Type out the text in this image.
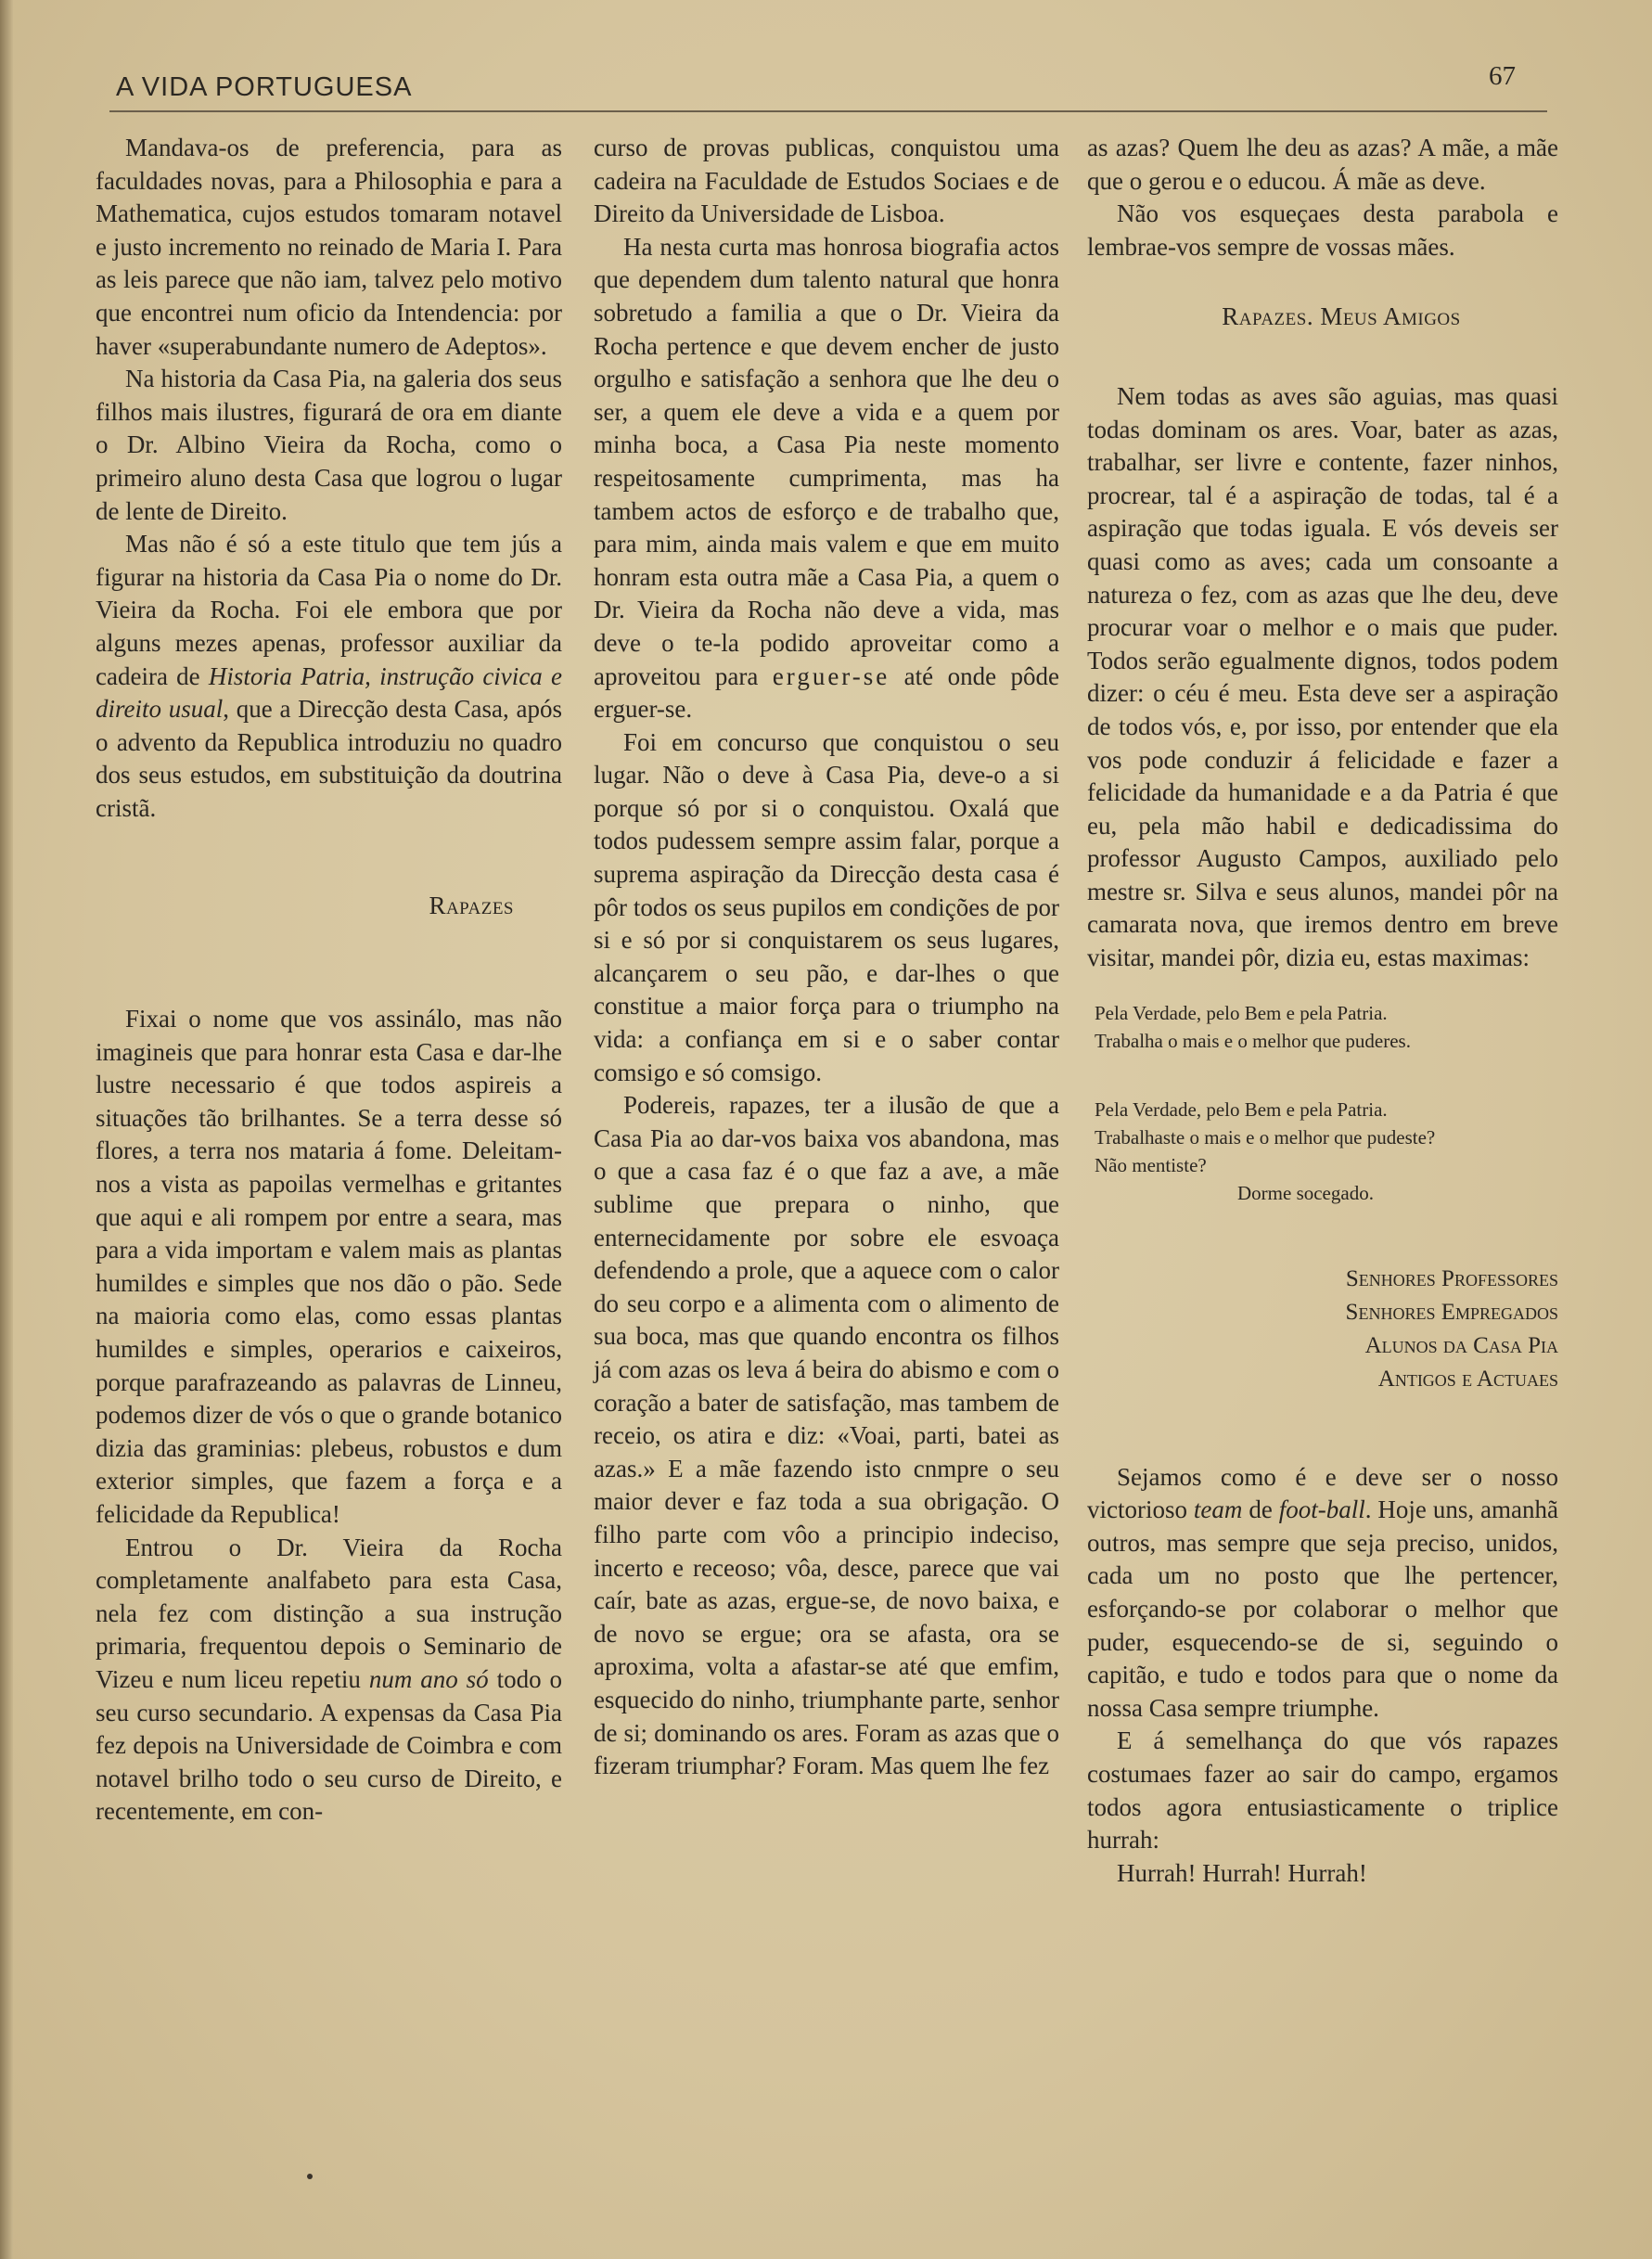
A VIDA PORTUGUESA	67

Mandava-os de preferencia, para as faculdades novas, para a Philosophia e para a Mathematica, cujos estudos tomaram notavel e justo incremento no reinado de Maria I. Para as leis parece que não iam, talvez pelo motivo que encontrei num oficio da Intendencia: por haver «superabundante numero de Adeptos».

Na historia da Casa Pia, na galeria dos seus filhos mais ilustres, figurará de ora em diante o Dr. Albino Vieira da Rocha, como o primeiro aluno desta Casa que logrou o lugar de lente de Direito.

Mas não é só a este titulo que tem jús a figurar na historia da Casa Pia o nome do Dr. Vieira da Rocha. Foi ele embora que por alguns mezes apenas, professor auxiliar da cadeira de Historia Patria, instrução civica e direito usual, que a Direcção desta Casa, após o advento da Republica introduziu no quadro dos seus estudos, em substituição da doutrina cristã.

Rapazes

Fixai o nome que vos assinálo, mas não imagineis que para honrar esta Casa e dar-lhe lustre necessario é que todos aspireis a situações tão brilhantes. Se a terra desse só flores, a terra nos mataria á fome. Deleitam-nos a vista as papoilas vermelhas e gritantes que aqui e ali rompem por entre a seara, mas para a vida importam e valem mais as plantas humildes e simples que nos dão o pão. Sede na maioria como elas, como essas plantas humildes e simples, operarios e caixeiros, porque parafrazeando as palavras de Linneu, podemos dizer de vós o que o grande botanico dizia das graminias: plebeus, robustos e dum exterior simples, que fazem a força e a felicidade da Republica!

Entrou o Dr. Vieira da Rocha completamente analfabeto para esta Casa, nela fez com distinção a sua instrução primaria, frequentou depois o Seminario de Vizeu e num liceu repetiu num ano só todo o seu curso secundario. A expensas da Casa Pia fez depois na Universidade de Coimbra e com notavel brilho todo o seu curso de Direito, e recentemente, em con-

curso de provas publicas, conquistou uma cadeira na Faculdade de Estudos Sociaes e de Direito da Universidade de Lisboa.

Ha nesta curta mas honrosa biografia actos que dependem dum talento natural que honra sobretudo a familia a que o Dr. Vieira da Rocha pertence e que devem encher de justo orgulho e satisfação a senhora que lhe deu o ser, a quem ele deve a vida e a quem por minha boca, a Casa Pia neste momento respeitosamente cumprimenta, mas ha tambem actos de esforço e de trabalho que, para mim, ainda mais valem e que em muito honram esta outra mãe a Casa Pia, a quem o Dr. Vieira da Rocha não deve a vida, mas deve o te-la podido aproveitar como a aproveitou para erguer-se até onde pôde erguer-se.

Foi em concurso que conquistou o seu lugar. Não o deve à Casa Pia, deve-o a si porque só por si o conquistou. Oxalá que todos pudessem sempre assim falar, porque a suprema aspiração da Direcção desta casa é pôr todos os seus pupilos em condições de por si e só por si conquistarem os seus lugares, alcançarem o seu pão, e dar-lhes o que constitue a maior força para o triumpho na vida: a confiança em si e o saber contar comsigo e só comsigo.

Podereis, rapazes, ter a ilusão de que a Casa Pia ao dar-vos baixa vos abandona, mas o que a casa faz é o que faz a ave, a mãe sublime que prepara o ninho, que enternecidamente por sobre ele esvoaça defendendo a prole, que a aquece com o calor do seu corpo e a alimenta com o alimento de sua boca, mas que quando encontra os filhos já com azas os leva á beira do abismo e com o coração a bater de satisfação, mas tambem de receio, os atira e diz: «Voai, parti, batei as azas.» E a mãe fazendo isto cnmpre o seu maior dever e faz toda a sua obrigação. O filho parte com vôo a principio indeciso, incerto e receoso; vôa, desce, parece que vai caír, bate as azas, ergue-se, de novo baixa, e de novo se ergue; ora se afasta, ora se aproxima, volta a afastar-se até que emfim, esquecido do ninho, triumphante parte, senhor de si; dominando os ares. Foram as azas que o fizeram triumphar? Foram. Mas quem lhe fez

as azas? Quem lhe deu as azas? A mãe, a mãe que o gerou e o educou. Á mãe as deve.

Não vos esqueçaes desta parabola e lembrae-vos sempre de vossas mães.

Rapazes. Meus Amigos

Nem todas as aves são aguias, mas quasi todas dominam os ares. Voar, bater as azas, trabalhar, ser livre e contente, fazer ninhos, procrear, tal é a aspiração de todas, tal é a aspiração que todas iguala. E vós deveis ser quasi como as aves; cada um consoante a natureza o fez, com as azas que lhe deu, deve procurar voar o melhor e o mais que puder. Todos serão egualmente dignos, todos podem dizer: o céu é meu. Esta deve ser a aspiração de todos vós, e, por isso, por entender que ela vos pode conduzir á felicidade e fazer a felicidade da humanidade e a da Patria é que eu, pela mão habil e dedicadissima do professor Augusto Campos, auxiliado pelo mestre sr. Silva e seus alunos, mandei pôr na camarata nova, que iremos dentro em breve visitar, mandei pôr, dizia eu, estas maximas:

Pela Verdade, pelo Bem e pela Patria.
Trabalha o mais e o melhor que puderes.
Pela Verdade, pelo Bem e pela Patria.
Trabalhaste o mais e o melhor que pudeste?
Não mentiste?
Dorme socegado.
Senhores Professores
Senhores Empregados
Alunos da Casa Pia
Antigos e Actuaes

Sejamos como é e deve ser o nosso victorioso team de foot-ball. Hoje uns, amanhã outros, mas sempre que seja preciso, unidos, cada um no posto que lhe pertencer, esforçando-se por colaborar o melhor que puder, esquecendo-se de si, seguindo o capitão, e tudo e todos para que o nome da nossa Casa sempre triumphe.

E á semelhança do que vós rapazes costumaes fazer ao sair do campo, ergamos todos agora entusiasticamente o triplice hurrah:

Hurrah! Hurrah! Hurrah!
